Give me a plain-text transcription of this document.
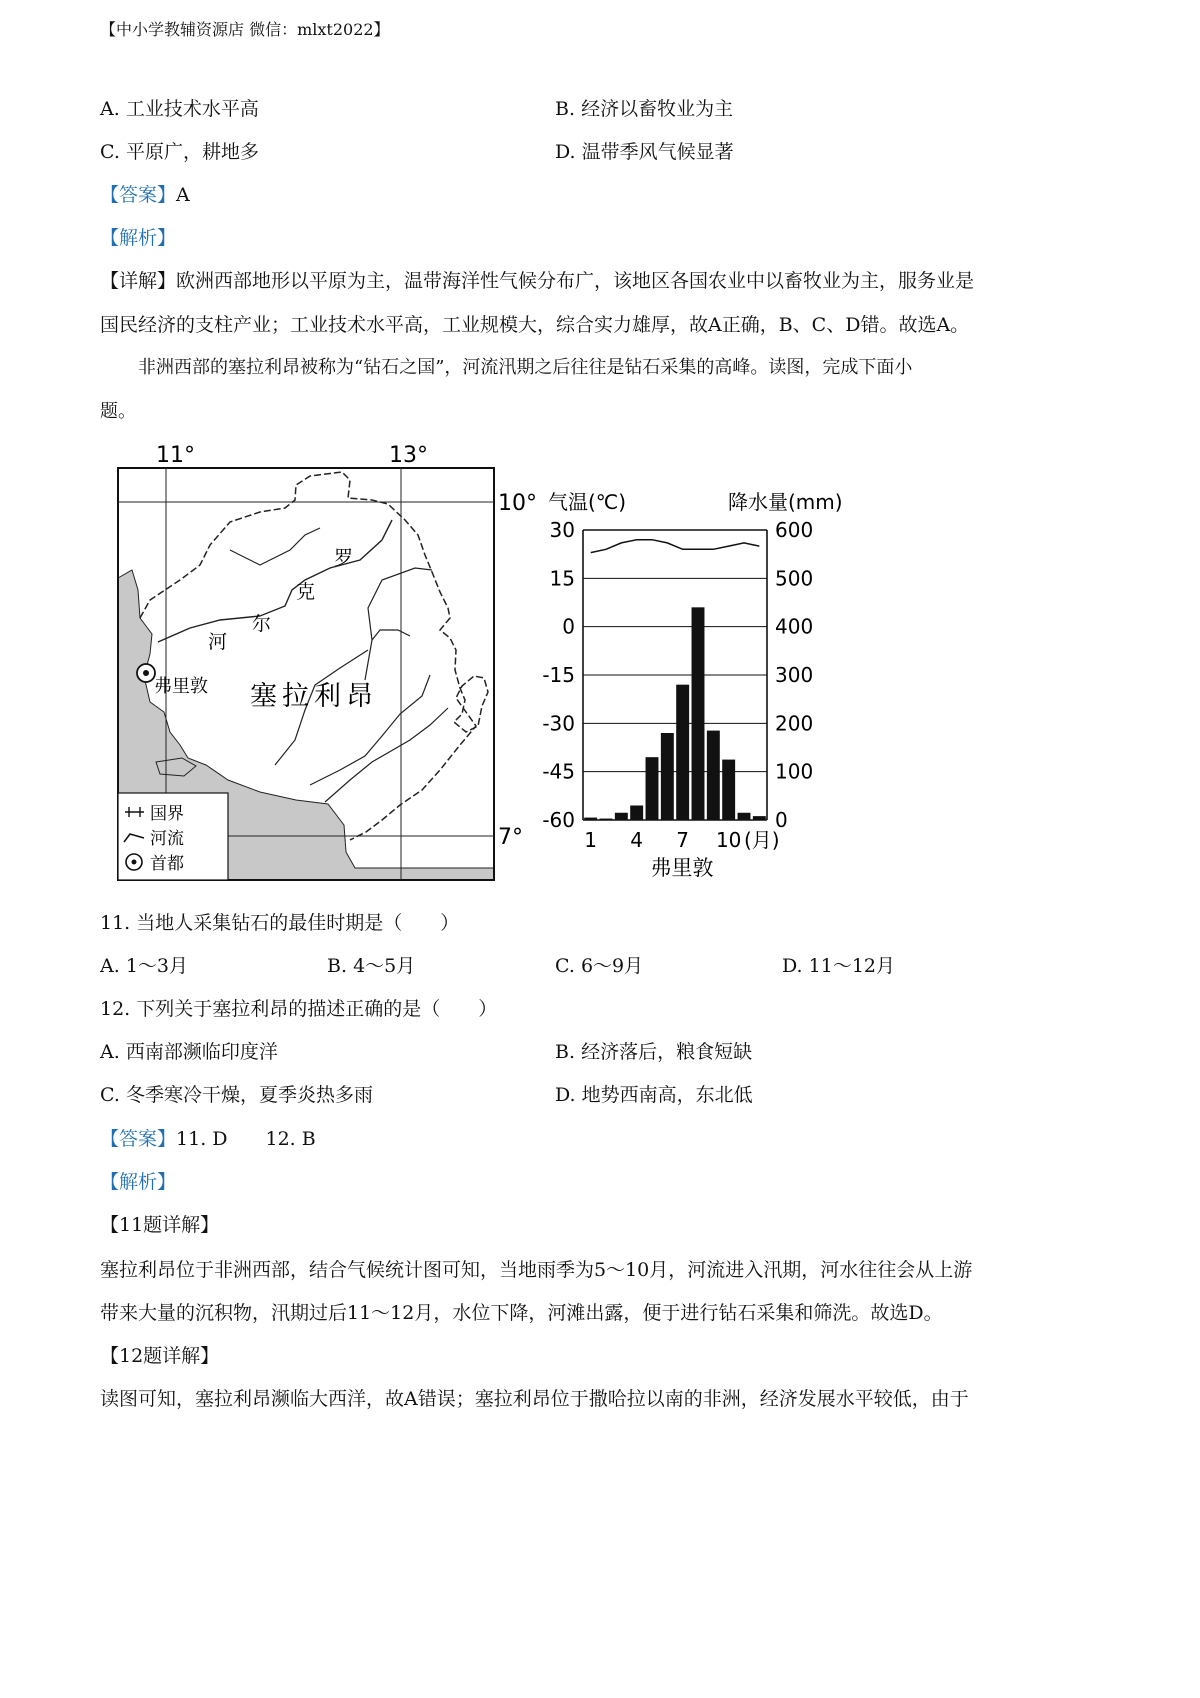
【中小学教辅资源店 微信：mlxt2022】
A. 工业技术水平高	B. 经济以畜牧业为主
C. 平原广，耕地多	D. 温带季风气候显著
【答案】A
【解析】
【详解】欧洲西部地形以平原为主，温带海洋性气候分布广，该地区各国农业中以畜牧业为主，服务业是
国民经济的支柱产业；工业技术水平高，工业规模大，综合实力雄厚，故A正确，B、C、D错。故选A。
非洲西部的塞拉利昂被称为“钻石之国”，河流汛期之后往往是钻石采集的高峰。读图，完成下面小
题。
11°	13°
10°
7°
罗
克
尔
河
弗里敦 塞拉利昂
国界
河流
首都
气温(℃)	降水量(mm)
30
15
0
-15
-30
-45
-60
600
500
400
300
200
100
0
1 4 7 10 (月)
弗里敦
11. 当地人采集钻石的最佳时期是（　　）
A. 1～3月	B. 4～5月	C. 6～9月	D. 11～12月
12. 下列关于塞拉利昂的描述正确的是（　　）
A. 西南部濒临印度洋	B. 经济落后，粮食短缺
C. 冬季寒冷干燥，夏季炎热多雨	D. 地势西南高，东北低
【答案】11. D　　12. B
【解析】
【11题详解】
塞拉利昂位于非洲西部，结合气候统计图可知，当地雨季为5～10月，河流进入汛期，河水往往会从上游
带来大量的沉积物，汛期过后11～12月，水位下降，河滩出露，便于进行钻石采集和筛洗。故选D。
【12题详解】
读图可知，塞拉利昂濒临大西洋，故A错误；塞拉利昂位于撒哈拉以南的非洲，经济发展水平较低，由于
